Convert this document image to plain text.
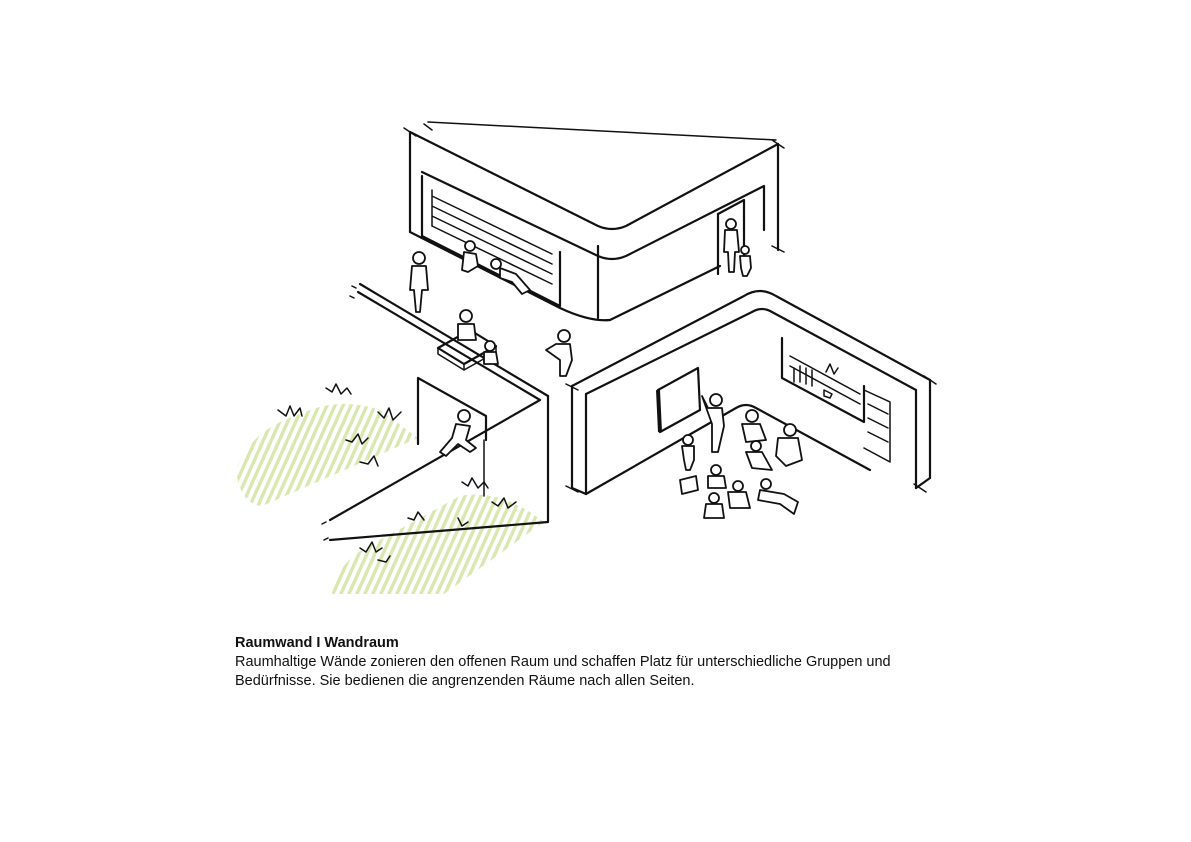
Raumwand I Wandraum

Raumhaltige Wände zonieren den offenen Raum und schaffen Platz für unterschiedliche Gruppen und

Bedürfnisse. Sie bedienen die angrenzenden Räume nach allen Seiten.
